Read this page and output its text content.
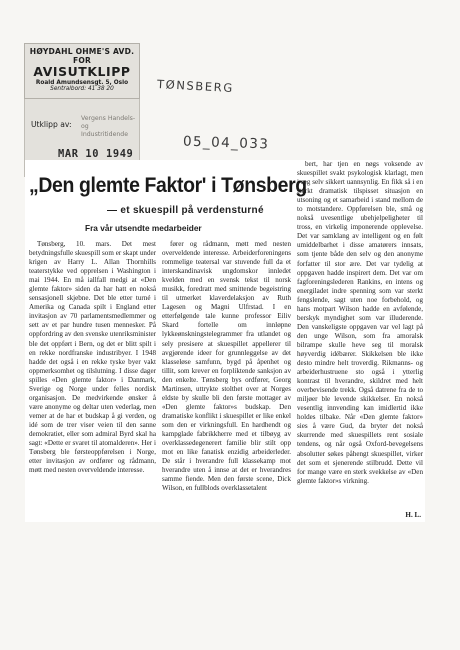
HØYDAHL OHME'S AVD. FOR
AVISUTKLIPP
Roald Amundsensgt. 5, Oslo
Sentralbord: 41 38 20
Utklipp av:
Vergens Handels- og
Industritidende
MAR 10 1949
TØNSBERG
05_04_033
„Den glemte Faktor' i Tønsberg
— et skuespill på verdensturné
Fra vår utsendte medarbeider

Tønsberg, 10. mars. Det mest betydningsfulle skuespill som er skapt under krigen av Harry L. Allan Thornhills teaterstykke ved opprelsen i Washington i mai 1944. En må iallfall medgi at «Den glemte faktor» siden da har hatt en nokså sensasjonell skjebne. Det ble etter turné i Amerika og Canada spilt i England etter invitasjon av 70 parlamentsmedlemmer og sett av et par hundre tusen mennesker. På oppfordring av den svenske utenriksminister ble det oppført i Bern, og det er blitt spilt i en rekke nordfranske industribyer. I 1948 hadde det også i en rekke tyske byer vakt oppmerksomhet og tilslutning. I disse dager spilles «Den glemte faktor» i Danmark, Sverige og Norge under felles nordisk organisasjon. De medvirkende ønsker å være anonyme og deltar uten vederlag, men vemer at de har et budskap å gi verden, og idé som de trer viser veien til den sanne demokratiet, eller som admiral Byrd skal ha sagt: «Dette er svaret til atomalderen». Her i Tønsberg ble førsteoppførelsen i Norge, etter invitasjon av ordfører og rådmann, møtt med nesten overveldende interesse.

fører og rådmann, møtt med nesten overveldende interesse. Arbeiderforeningens rommelige teatersal var stuvende full da et interskandinavisk ungdomskor innledet kvelden med en svensk tekst til norsk musikk, foredratt med smittende begeistring til utmerket klaverdelaksjon av Ruth Lagesen og Magni Ulfrstad. I en etterfølgende tale kunne professor Eiliv Skard fortelle om innløpne lykkeønskningstelegrammer fra utlandet og sely presisere at skuespillet appellerer til avgjørende ideer for grunnleggelse av det klasseløse samfunn, bygd på åpenhet og tillit, som krever en forpliktende sanksjon av den enkelte. Tønsberg bys ordfører, Georg Martinsen, uttrykte stolthet over at Norges eldste by skulle bli den første mottager av «Den glemte faktor»s budskap. Den dramatiske konflikt i skuespillet er like enkel som den er virkningsfull. En hardhendt og kampglade fabrikkherre med et tilbøyg av overklassedegenerert familie blir stilt opp mot en like fanatisk enzidig arbeiderleder. De står i hverandre full klassekamp mot hverandre uten å innse at det er hverandres samme fiende. Men den første scene, Dick Wilson, en fullblods overklassetalent

bert, har tjen en nøgs voksende av skuespillet svakt psykologisk klarlagt, men i seg selv sikkert uannsynlig. En fikk så i en sterkt dramatisk tilspisset situasjon en utsoning og et samarbeid i stand mellom de to motstandere. Oppførelsen ble, små og nokså uvesentlige ubehjelpeligheter til tross, en virkelig imponerende opplevelse. Det var samklang av intelligent og en følt umiddelbarhet i disse amatørers innsats, som tjente både den selv og den anonyme forfatter til stor ære. Det var tydelig at oppgaven hadde inspirert dem. Det var om fagforeningslederen Rankins, en intens og energiladet indre spenning som var sterkt fengslende, sagt uten noe forbehold, og hans motpart Wilson hadde en avfølende, berskyk myndighet som var illuderende. Den vanskeligste oppgaven var vel lagt på den unge Wilson, som fra amoralsk bilrampe skulle heve seg til moralsk høyverdig idébærer. Skikkelsen ble ikke desto mindre helt troverdig. Rikmanns- og arbeiderhustruene sto også i ytterlig kontrast til hverandre, skildret med helt overbevisende trekk. Også datrene fra de to miljøer ble levende skikkelser. En nokså vesentlig innvending kan imidlertid ikke holdes tilbake. Når «Den glemte faktor» sies å være Gud, da bryter det nokså skurrende med skuespillets rent sosiale tendens, og når også Oxford-bevegelsens absolutter søkes påhengt skuespillet, virker det som et sjenerende stilbrudd. Dette vil for mange være en sterk svekkelse av «Den glemte faktor»s virkning.

H. L.
